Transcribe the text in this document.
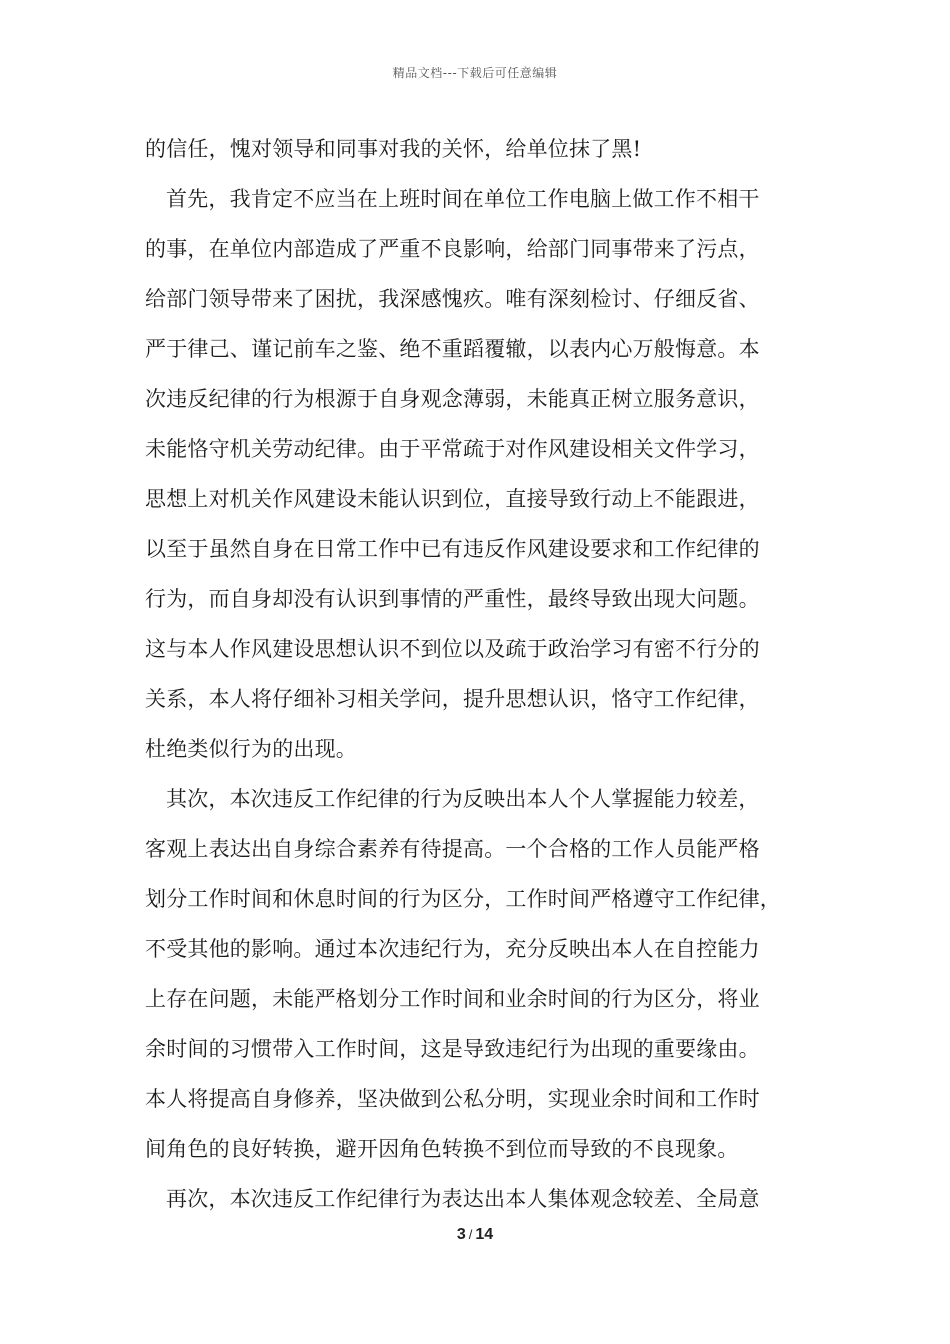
精品文档---下载后可任意编辑
的信任，愧对领导和同事对我的关怀，给单位抹了黑!
首先，我肯定不应当在上班时间在单位工作电脑上做工作不相干
的事，在单位内部造成了严重不良影响，给部门同事带来了污点，
给部门领导带来了困扰，我深感愧疚。唯有深刻检讨、仔细反省、
严于律己、谨记前车之鉴、绝不重蹈覆辙，以表内心万般悔意。本
次违反纪律的行为根源于自身观念薄弱，未能真正树立服务意识，
未能恪守机关劳动纪律。由于平常疏于对作风建设相关文件学习，
思想上对机关作风建设未能认识到位，直接导致行动上不能跟进，
以至于虽然自身在日常工作中已有违反作风建设要求和工作纪律的
行为，而自身却没有认识到事情的严重性，最终导致出现大问题。
这与本人作风建设思想认识不到位以及疏于政治学习有密不行分的
关系，本人将仔细补习相关学问，提升思想认识，恪守工作纪律，
杜绝类似行为的出现。
其次，本次违反工作纪律的行为反映出本人个人掌握能力较差，
客观上表达出自身综合素养有待提高。一个合格的工作人员能严格
划分工作时间和休息时间的行为区分，工作时间严格遵守工作纪律，
不受其他的影响。通过本次违纪行为，充分反映出本人在自控能力
上存在问题，未能严格划分工作时间和业余时间的行为区分，将业
余时间的习惯带入工作时间，这是导致违纪行为出现的重要缘由。
本人将提高自身修养，坚决做到公私分明，实现业余时间和工作时
间角色的良好转换，避开因角色转换不到位而导致的不良现象。
再次，本次违反工作纪律行为表达出本人集体观念较差、全局意
3 / 14
